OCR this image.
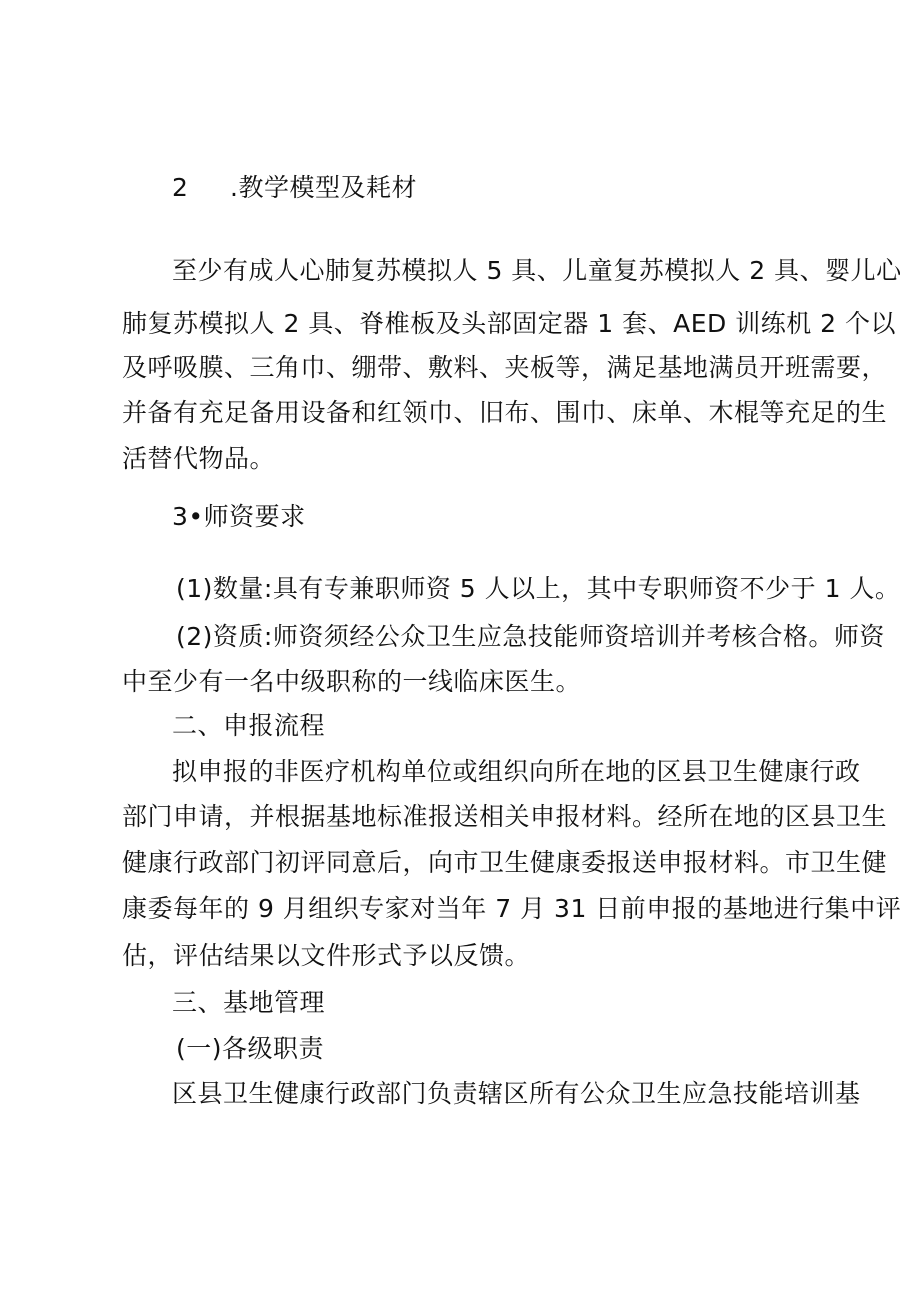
2 .教学模型及耗材
至少有成人心肺复苏模拟人 5 具、儿童复苏模拟人 2 具、婴儿心
肺复苏模拟人 2 具、脊椎板及头部固定器 1 套、AED 训练机 2 个以
及呼吸膜、三角巾、绷带、敷料、夹板等，满足基地满员开班需要，
并备有充足备用设备和红领巾、旧布、围巾、床单、木棍等充足的生
活替代物品。
3•师资要求
(1)数量:具有专兼职师资 5 人以上，其中专职师资不少于 1 人。
(2)资质:师资须经公众卫生应急技能师资培训并考核合格。师资
中至少有一名中级职称的一线临床医生。
二、申报流程
拟申报的非医疗机构单位或组织向所在地的区县卫生健康行政
部门申请，并根据基地标准报送相关申报材料。经所在地的区县卫生
健康行政部门初评同意后，向市卫生健康委报送申报材料。市卫生健
康委每年的 9 月组织专家对当年 7 月 31 日前申报的基地进行集中评
估，评估结果以文件形式予以反馈。
三、基地管理
(一)各级职责
区县卫生健康行政部门负责辖区所有公众卫生应急技能培训基
